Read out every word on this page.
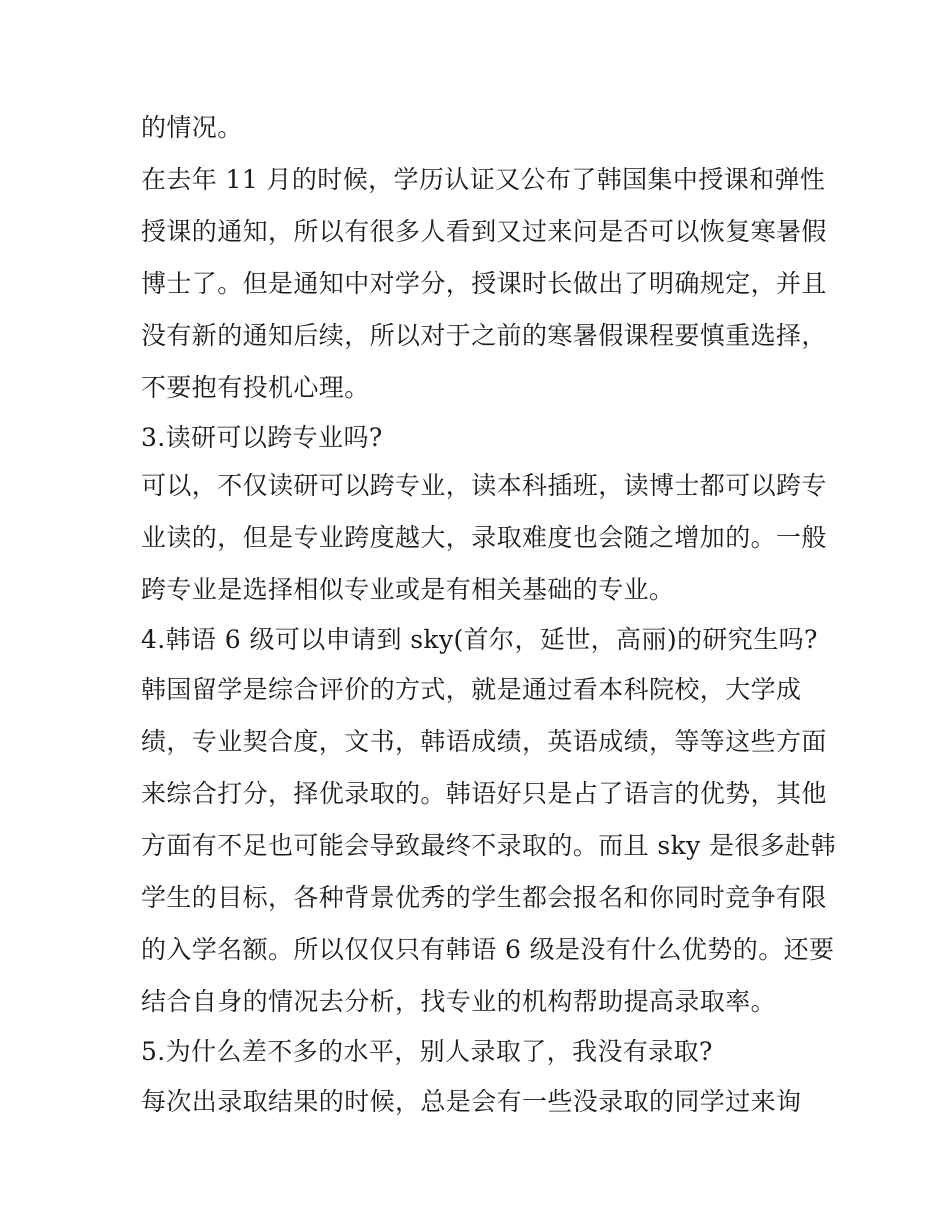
的情况。
在去年 11 月的时候，学历认证又公布了韩国集中授课和弹性
授课的通知，所以有很多人看到又过来问是否可以恢复寒暑假
博士了。但是通知中对学分，授课时长做出了明确规定，并且
没有新的通知后续，所以对于之前的寒暑假课程要慎重选择，
不要抱有投机心理。
3.读研可以跨专业吗?
可以，不仅读研可以跨专业，读本科插班，读博士都可以跨专
业读的，但是专业跨度越大，录取难度也会随之增加的。一般
跨专业是选择相似专业或是有相关基础的专业。
4.韩语 6 级可以申请到 sky(首尔，延世，高丽)的研究生吗?
韩国留学是综合评价的方式，就是通过看本科院校，大学成
绩，专业契合度，文书，韩语成绩，英语成绩，等等这些方面
来综合打分，择优录取的。韩语好只是占了语言的优势，其他
方面有不足也可能会导致最终不录取的。而且 sky 是很多赴韩
学生的目标，各种背景优秀的学生都会报名和你同时竞争有限
的入学名额。所以仅仅只有韩语 6 级是没有什么优势的。还要
结合自身的情况去分析，找专业的机构帮助提高录取率。
5.为什么差不多的水平，别人录取了，我没有录取?
每次出录取结果的时候，总是会有一些没录取的同学过来询
